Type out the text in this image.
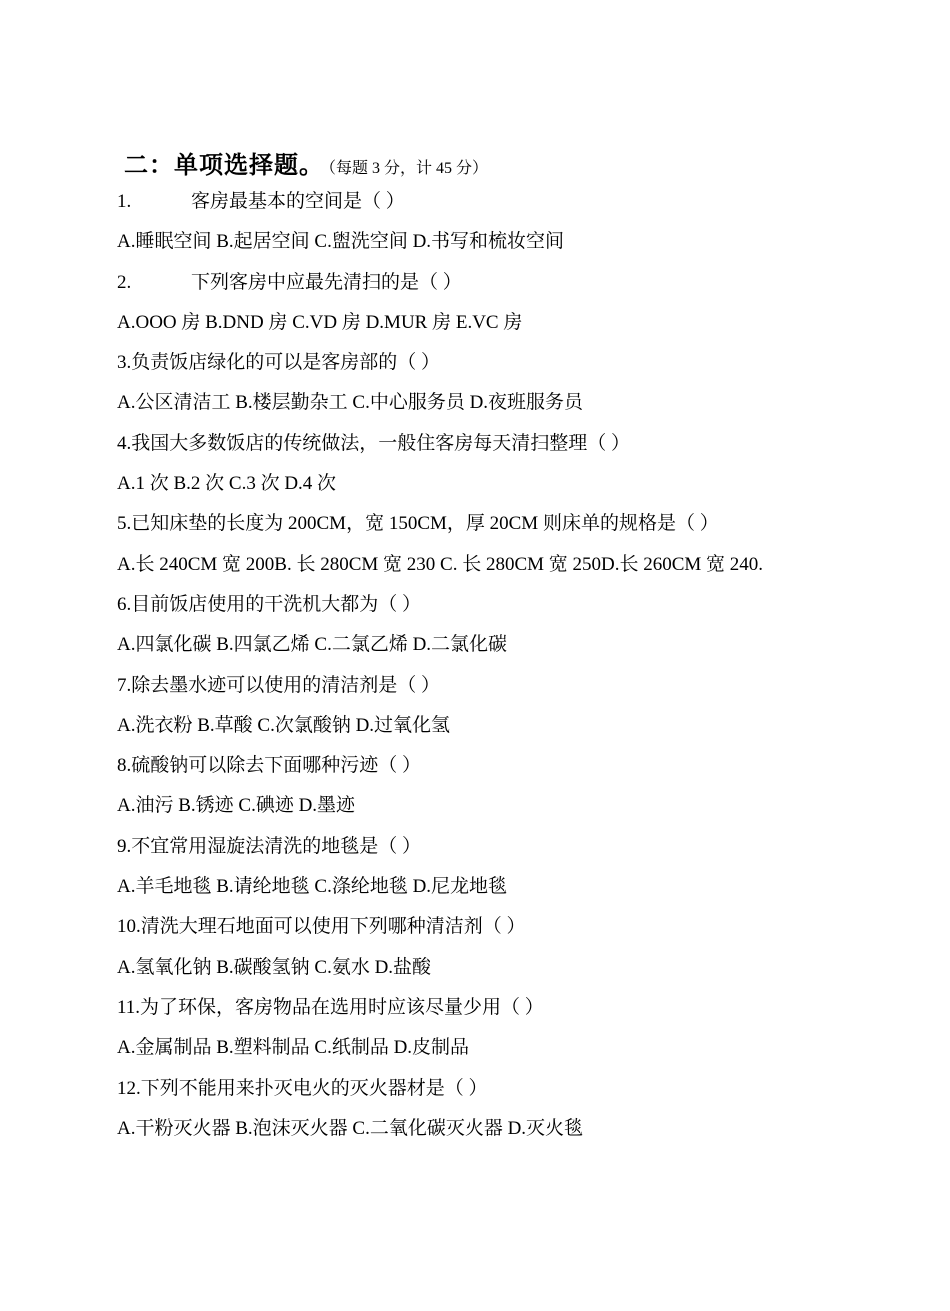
二：单项选择题。 （每题 3 分，计 45 分）
1.	客房最基本的空间是（ ）
A.睡眠空间 B.起居空间 C.盥洗空间 D.书写和梳妆空间
2.	下列客房中应最先清扫的是（ ）
A.OOO 房 B.DND 房 C.VD 房 D.MUR 房 E.VC 房
3.负责饭店绿化的可以是客房部的（ ）
A.公区清洁工 B.楼层勤杂工 C.中心服务员 D.夜班服务员
4.我国大多数饭店的传统做法，一般住客房每天清扫整理（ ）
A.1 次 B.2 次 C.3 次 D.4 次
5.已知床垫的长度为 200CM，宽 150CM，厚 20CM 则床单的规格是（ ）
A.长 240CM 宽 200B. 长 280CM 宽 230 C. 长 280CM 宽 250D.长 260CM 宽 240.
6.目前饭店使用的干洗机大都为（ ）
A.四氯化碳 B.四氯乙烯 C.二氯乙烯 D.二氯化碳
7.除去墨水迹可以使用的清洁剂是（ ）
A.洗衣粉 B.草酸 C.次氯酸钠 D.过氧化氢
8.硫酸钠可以除去下面哪种污迹（ ）
A.油污 B.锈迹 C.碘迹 D.墨迹
9.不宜常用湿旋法清洗的地毯是（ ）
A.羊毛地毯 B.请纶地毯 C.涤纶地毯 D.尼龙地毯
10.清洗大理石地面可以使用下列哪种清洁剂（ ）
A.氢氧化钠 B.碳酸氢钠 C.氨水 D.盐酸
11.为了环保，客房物品在选用时应该尽量少用（ ）
A.金属制品 B.塑料制品 C.纸制品 D.皮制品
12.下列不能用来扑灭电火的灭火器材是（ ）
A.干粉灭火器 B.泡沫灭火器 C.二氧化碳灭火器 D.灭火毯
